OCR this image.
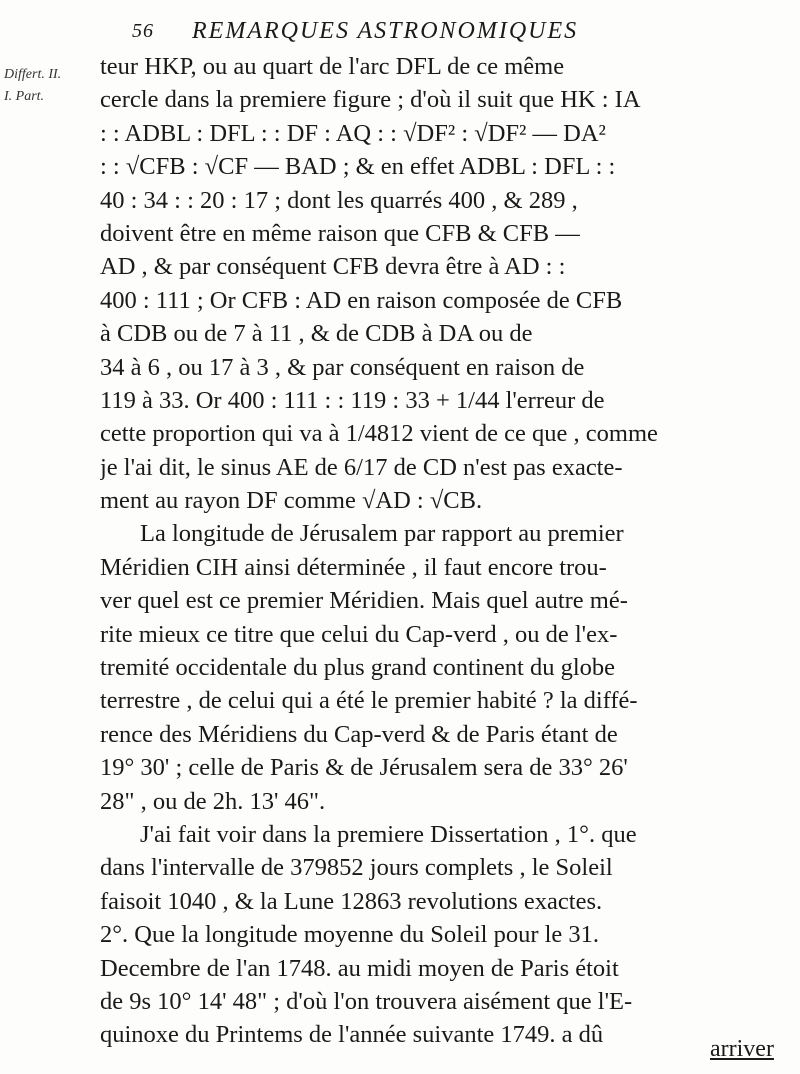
56 REMARQUES ASTRONOMIQUES
Differt. II.
I. Part.
teur HKP, ou au quart de l'arc DFL de ce même
cercle dans la premiere figure ; d'où il suit que HK : IA
: : ADBL : DFL : : DF : AQ : : √DF² : √DF² — DA²
: : √CFB : √CF — BAD ; & en effet ADBL : DFL : :
40 : 34 : : 20 : 17 ; dont les quarrés 400 , & 289 ,
doivent être en même raison que CFB & CFB —
AD , & par conséquent CFB devra être à AD : :
400 : 111 ; Or CFB : AD en raison composée de CFB
à CDB ou de 7 à 11 , & de CDB à DA ou de
34 à 6 , ou 17 à 3 , & par conséquent en raison de
119 à 33. Or 400 : 111 : : 119 : 33 + 1/44 l'erreur de
cette proportion qui va à 1/4812 vient de ce que , comme
je l'ai dit, le sinus AE de 6/17 de CD n'est pas exacte-
ment au rayon DF comme √AD : √CB.
La longitude de Jérusalem par rapport au premier
Méridien CIH ainsi déterminée , il faut encore trou-
ver quel est ce premier Méridien. Mais quel autre mé-
rite mieux ce titre que celui du Cap-verd , ou de l'ex-
tremité occidentale du plus grand continent du globe
terrestre , de celui qui a été le premier habité ? la diffé-
rence des Méridiens du Cap-verd & de Paris étant de
19° 30' ; celle de Paris & de Jérusalem sera de 33° 26'
28" , ou de 2h. 13' 46".
J'ai fait voir dans la premiere Dissertation , 1°. que
dans l'intervalle de 379852 jours complets , le Soleil
faisoit 1040 , & la Lune 12863 revolutions exactes.
2°. Que la longitude moyenne du Soleil pour le 31.
Decembre de l'an 1748. au midi moyen de Paris étoit
de 9s 10° 14' 48" ; d'où l'on trouvera aisément que l'E-
quinoxe du Printems de l'année suivante 1749. a dû
arriver
